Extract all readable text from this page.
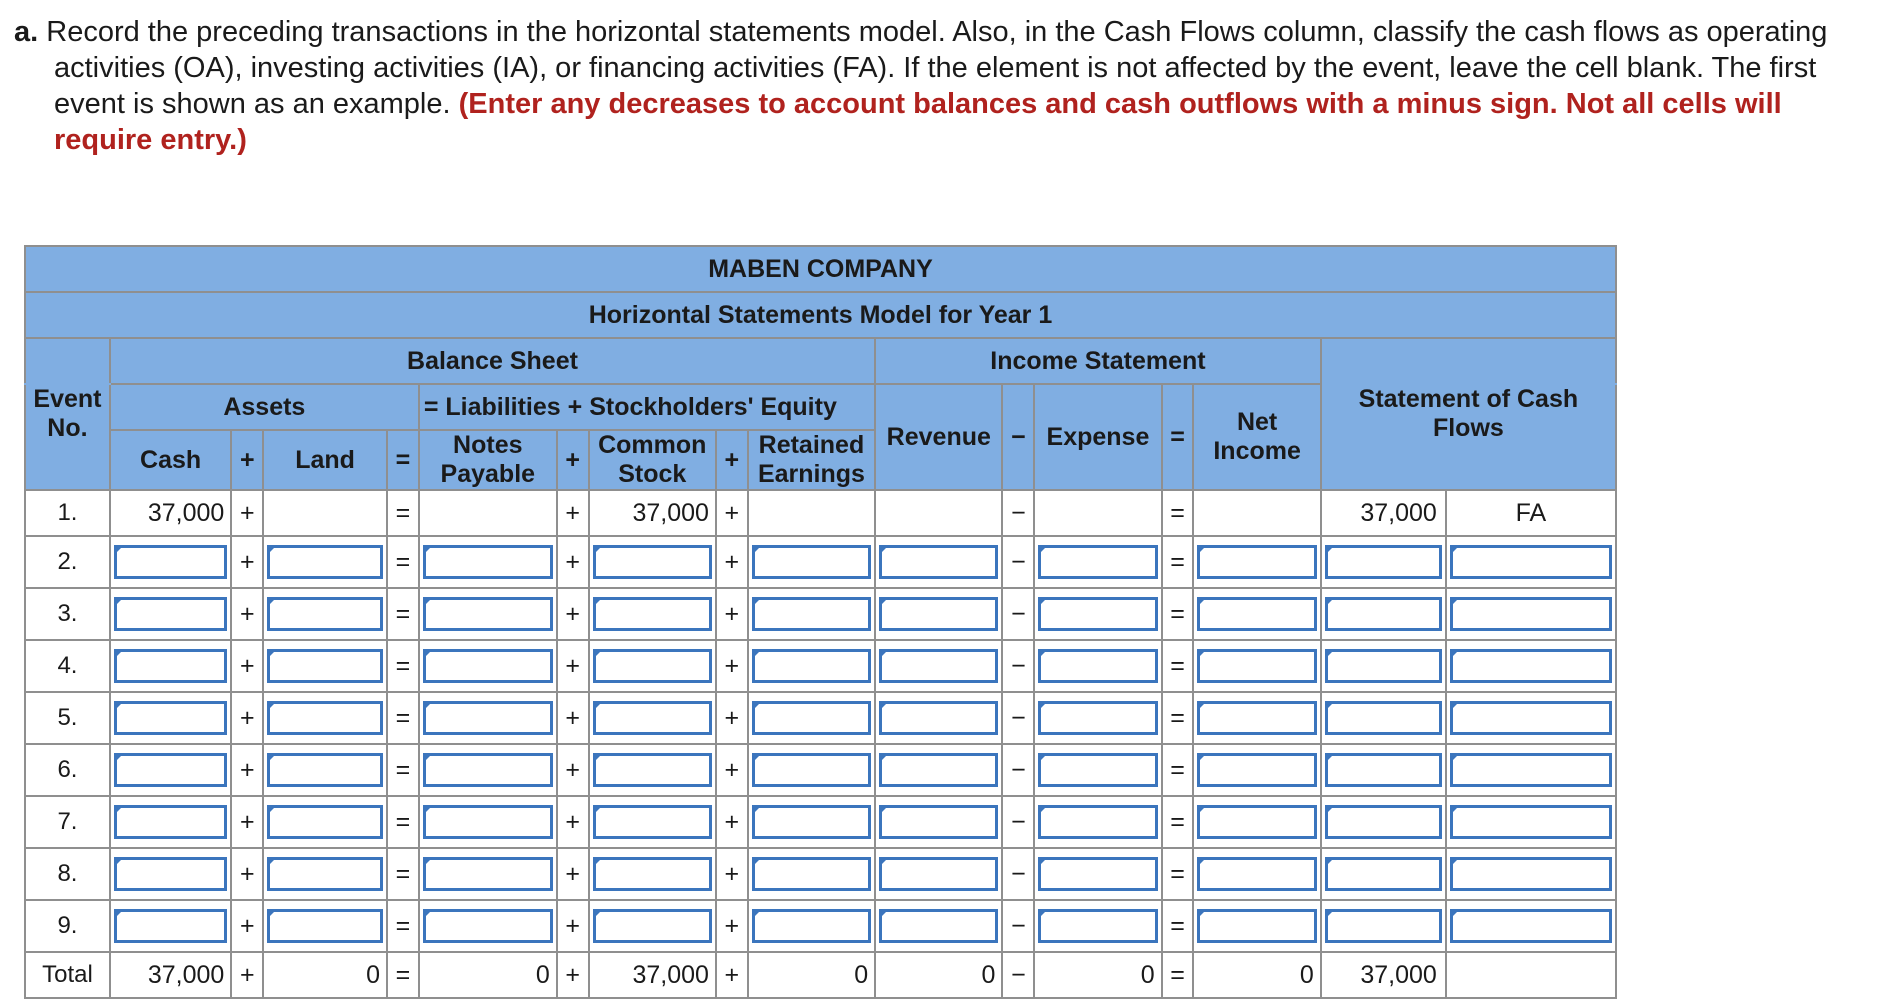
a. Record the preceding transactions in the horizontal statements model. Also, in the Cash Flows column, classify the cash flows as operating activities (OA), investing activities (IA), or financing activities (FA). If the element is not affected by the event, leave the cell blank. The first event is shown as an example. (Enter any decreases to account balances and cash outflows with a minus sign. Not all cells will require entry.)
MABEN COMPANY																
Horizontal Statements Model for Year 1																
	Balance Sheet									Income Statement						
Event No.	Assets				= Liabilities + Stockholders' Equity					Revenue	−	Expense	=	Net Income	Statement of Cash Flows	
	Cash	+	Land	=	Notes Payable	+	Common Stock	+	Retained Earnings							
1.	37,000	+		=		+	37,000	+			−		=		37,000	FA
2.		+		=		+		+			−		=	

3.		+		=		+		+			−		=	

4.		+		=		+		+			−		=	

5.		+		=		+		+			−		=	

6.		+		=		+		+			−		=	

7.		+		=		+		+			−		=	

8.		+		=		+		+			−		=	

9.		+		=		+		+			−		=	

Total	37,000	+	0	=	0	+	37,000	+	0	0	−	0	=	0	37,000	
